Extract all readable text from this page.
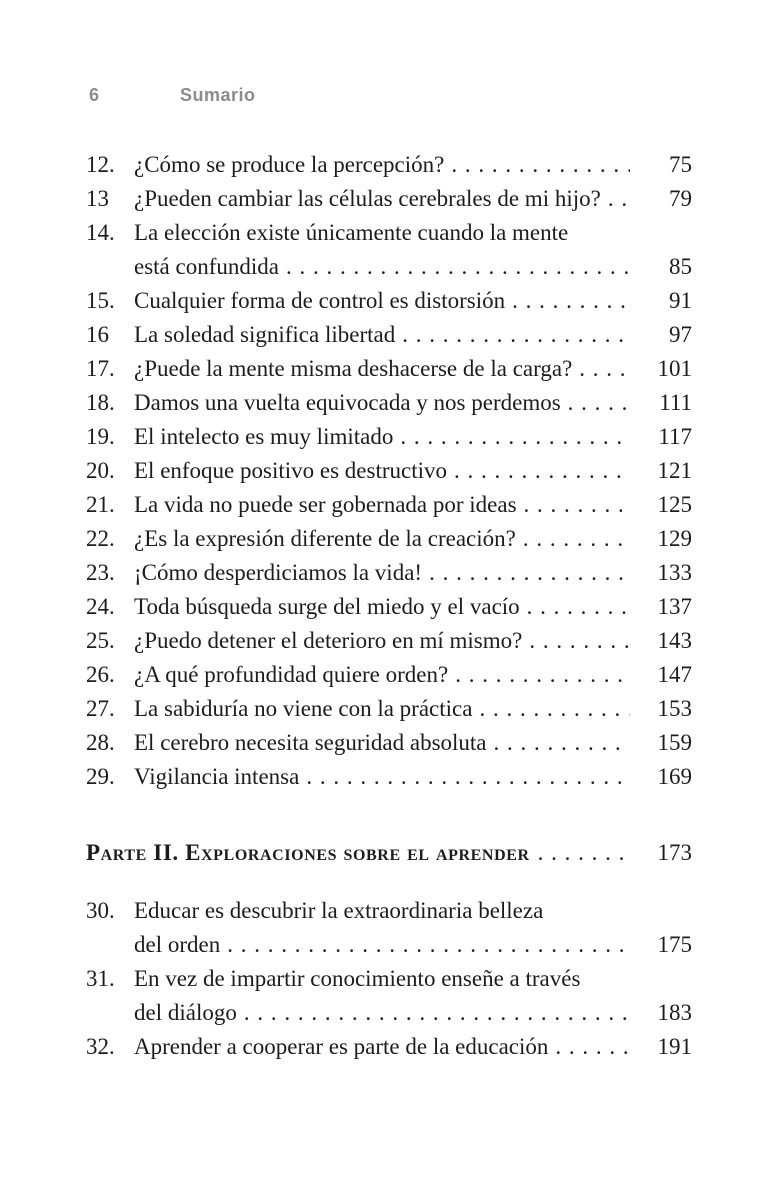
6	Sumario
12. ¿Cómo se produce la percepción? . . .	75
13	¿Pueden cambiar las células cerebrales de mi hijo? . . .	79
14. La elección existe únicamente cuando la mente
está confundida . . .	85
15. Cualquier forma de control es distorsión . . .	91
16	La soledad significa libertad . . .	97
17. ¿Puede la mente misma deshacerse de la carga? . . .	101
18. Damos una vuelta equivocada y nos perdemos . . .	111
19. El intelecto es muy limitado . . .	117
20. El enfoque positivo es destructivo . . .	121
21. La vida no puede ser gobernada por ideas . . .	125
22. ¿Es la expresión diferente de la creación? . . .	129
23. ¡Cómo desperdiciamos la vida! . . .	133
24. Toda búsqueda surge del miedo y el vacío . . .	137
25. ¿Puedo detener el deterioro en mí mismo? . . .	143
26. ¿A qué profundidad quiere orden? . . .	147
27. La sabiduría no viene con la práctica . . .	153
28. El cerebro necesita seguridad absoluta . . .	159
29. Vigilancia intensa . . .	169
Parte II. Exploraciones sobre el aprender . . .	173
30. Educar es descubrir la extraordinaria belleza
del orden . . .	175
31. En vez de impartir conocimiento enseñe a través
del diálogo . . .	183
32. Aprender a cooperar es parte de la educación . . .	191
